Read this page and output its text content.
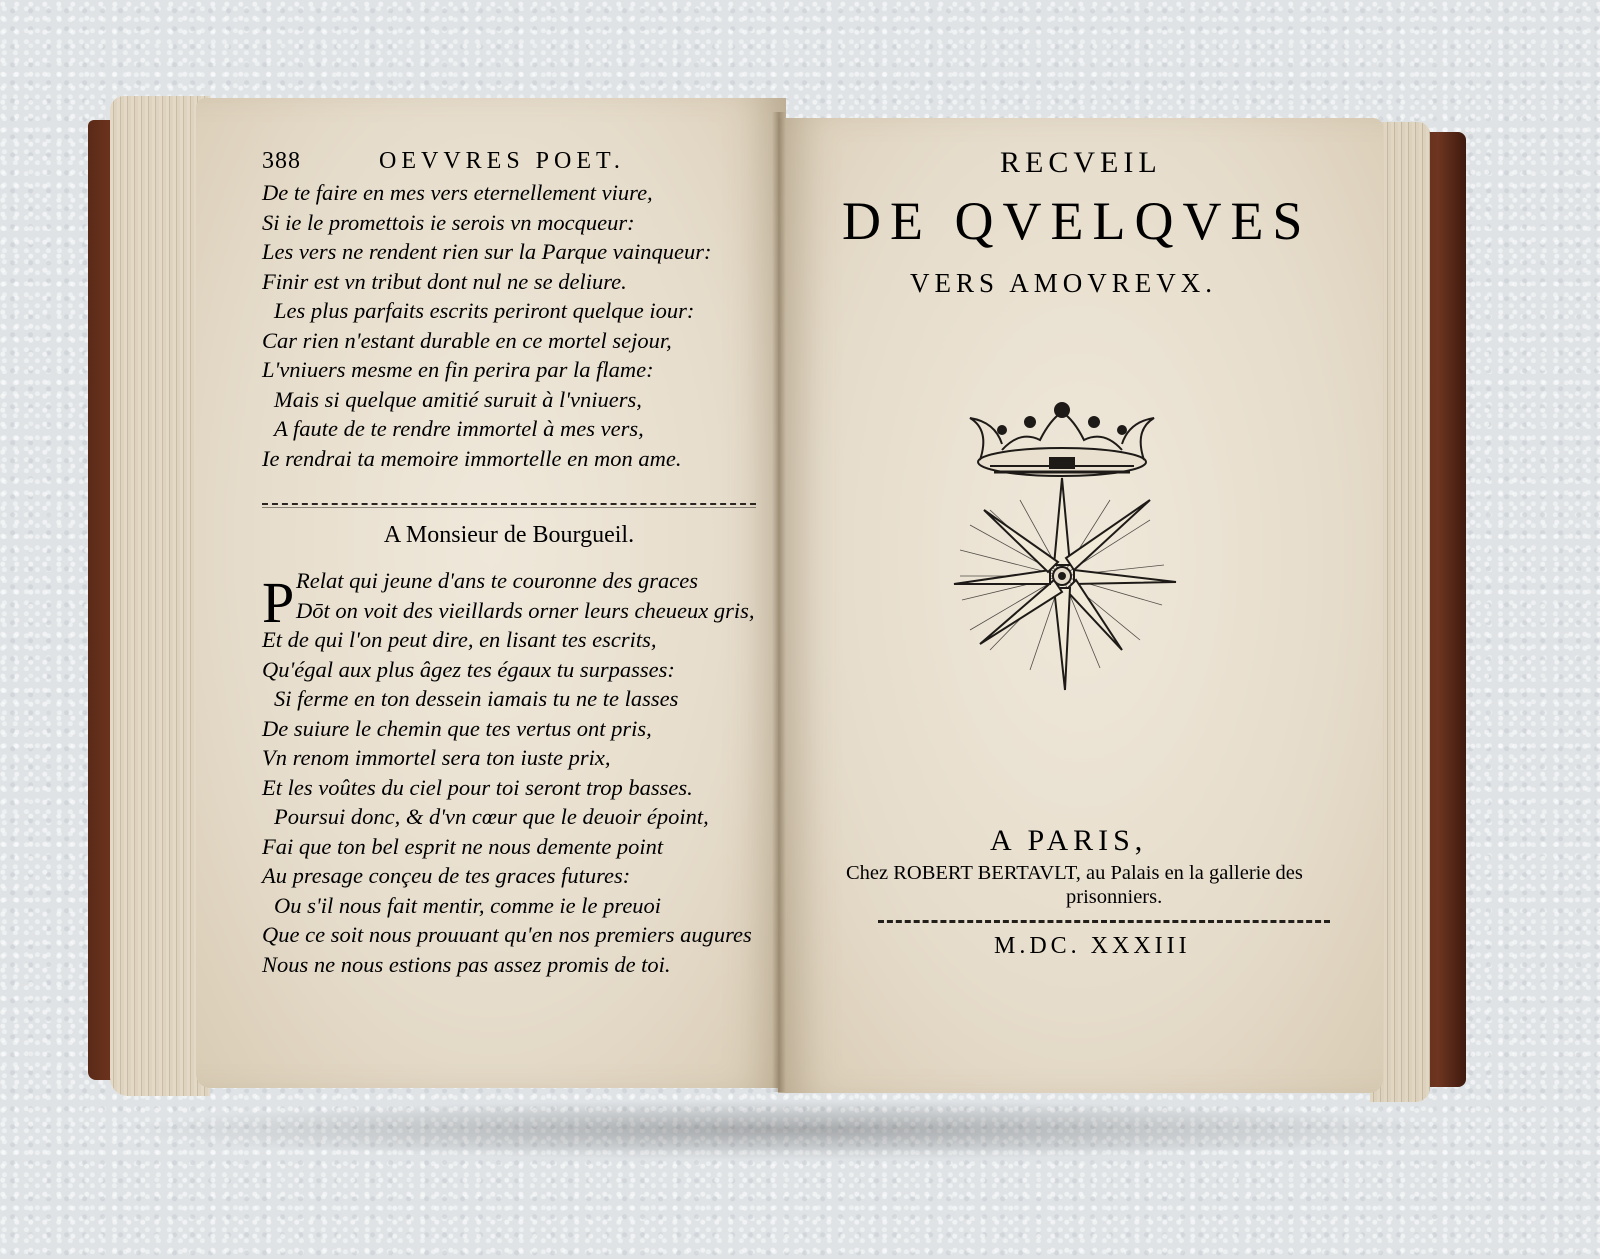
388	OEVVRES POET.
De te faire en mes vers eternellement viure,
Si ie le promettois ie serois vn mocqueur:
Les vers ne rendent rien sur la Parque vainqueur:
Finir est vn tribut dont nul ne se deliure.
Les plus parfaits escrits periront quelque iour:
Car rien n'estant durable en ce mortel sejour,
L'vniuers mesme en fin perira par la flame:
Mais si quelque amitié suruit à l'vniuers,
A faute de te rendre immortel à mes vers,
Ie rendrai ta memoire immortelle en mon ame.
A Monsieur de Bourgueil.
P Relat qui jeune d'ans te couronne des graces
Dōt on voit des vieillards orner leurs cheueux gris,
Et de qui l'on peut dire, en lisant tes escrits,
Qu'égal aux plus âgez tes égaux tu surpasses:
Si ferme en ton dessein iamais tu ne te lasses
De suiure le chemin que tes vertus ont pris,
Vn renom immortel sera ton iuste prix,
Et les voûtes du ciel pour toi seront trop basses.
Poursui donc, & d'vn cœur que le deuoir époint,
Fai que ton bel esprit ne nous demente point
Au presage conçeu de tes graces futures:
Ou s'il nous fait mentir, comme ie le preuoi
Que ce soit nous prouuant qu'en nos premiers augures
Nous ne nous estions pas assez promis de toi.
RECVEIL
DE QVELQVES
VERS AMOVREVX.
A PARIS,
Chez ROBERT BERTAVLT, au Palais en la gallerie des
prisonniers.
M.DC. XXXIII
